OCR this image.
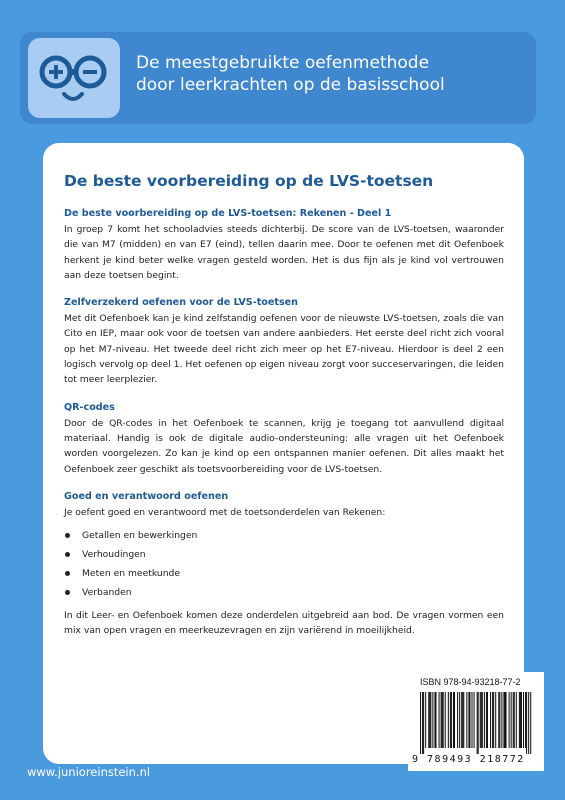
De meestgebruikte oefenmethode
door leerkrachten op de basisschool
De beste voorbereiding op de LVS-toetsen
De beste voorbereiding op de LVS-toetsen: Rekenen - Deel 1

In groep 7 komt het schooladvies steeds dichterbij. De score van de LVS-toetsen, waaronder die van M7 (midden) en van E7 (eind), tellen daarin mee. Door te oefenen met dit Oefenboek herkent je kind beter welke vragen gesteld worden. Het is dus fijn als je kind vol vertrouwen aan deze toetsen begint.

Zelfverzekerd oefenen voor de LVS-toetsen

Met dit Oefenboek kan je kind zelfstandig oefenen voor de nieuwste LVS-toetsen, zoals die van Cito en IEP, maar ook voor de toetsen van andere aanbieders. Het eerste deel richt zich vooral op het M7-niveau. Het tweede deel richt zich meer op het E7-niveau. Hierdoor is deel 2 een logisch vervolg op deel 1. Het oefenen op eigen niveau zorgt voor succeservaringen, die leiden tot meer leerplezier.

QR-codes

Door de QR-codes in het Oefenboek te scannen, krijg je toegang tot aanvullend digitaal materiaal. Handig is ook de digitale audio-ondersteuning: alle vragen uit het Oefenboek worden voorgelezen. Zo kan je kind op een ontspannen manier oefenen. Dit alles maakt het Oefenboek zeer geschikt als toetsvoorbereiding voor de LVS-toetsen.

Goed en verantwoord oefenen

Je oefent goed en verantwoord met de toetsonderdelen van Rekenen:

Getallen en bewerkingen
Verhoudingen
Meten en meetkunde
Verbanden

In dit Leer- en Oefenboek komen deze onderdelen uitgebreid aan bod. De vragen vormen een mix van open vragen en meerkeuzevragen en zijn variërend in moeilijkheid.

ISBN 978-94-93218-77-2
9 789493 218772
www.junioreinstein.nl
